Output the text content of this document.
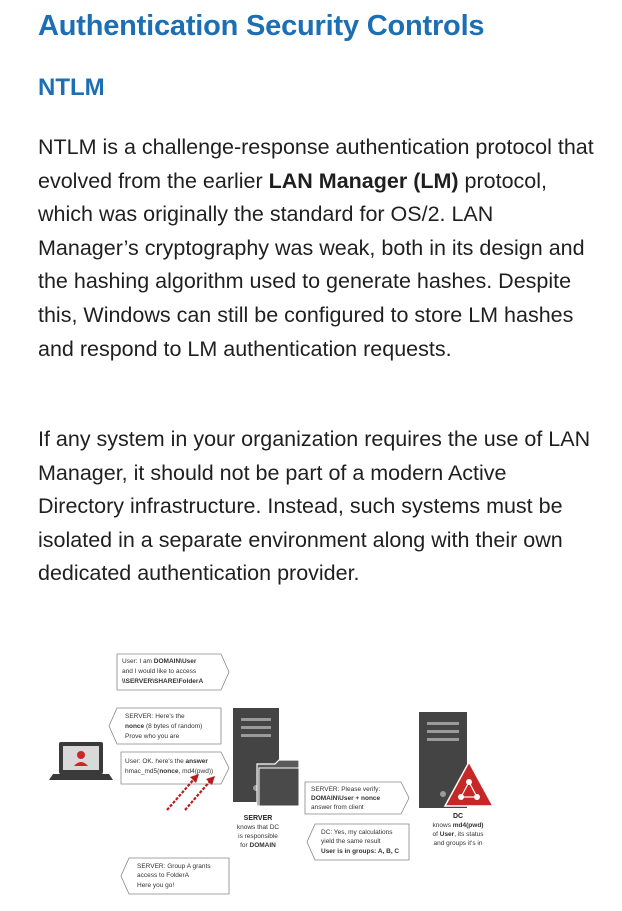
Authentication Security Controls
NTLM

NTLM is a challenge-response authentication protocol that evolved from the earlier LAN Manager (LM) protocol, which was originally the standard for OS/2. LAN Manager’s cryptography was weak, both in its design and the hashing algorithm used to generate hashes. Despite this, Windows can still be configured to store LM hashes and respond to LM authentication requests.

If any system in your organization requires the use of LAN Manager, it should not be part of a modern Active Directory infrastructure. Instead, such systems must be isolated in a separate environment along with their own dedicated authentication provider.

User: I am DOMAIN\User
and I would like to access
\\SERVER\SHARE\FolderA
SERVER: Here's the
nonce (8 bytes of random)
Prove who you are
User: OK. here's the answer
hmac_md5(nonce, md4(pwd))
SERVER
knows that DC
is responsible
for DOMAIN
SERVER: Please verify:
DOMAIN\User + nonce
answer from client
DC: Yes, my calculations
yield the same result
User is in groups: A, B, C
DC
knows md4(pwd)
of User, its status
and groups it's in
SERVER: Group A grants
access to FolderA
Here you go!
